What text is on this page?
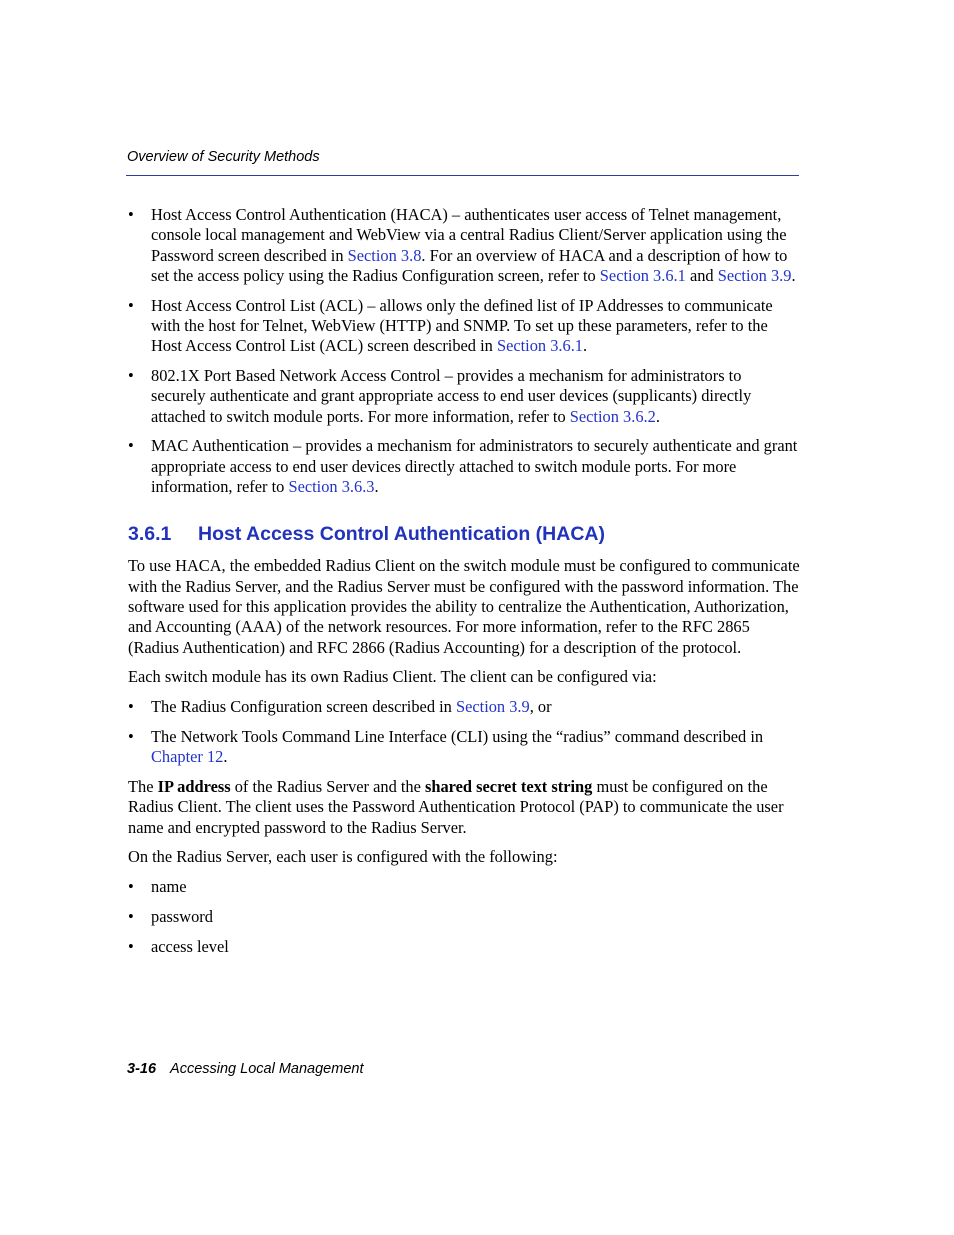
Overview of Security Methods
• Host Access Control Authentication (HACA) – authenticates user access of Telnet management, console local management and WebView via a central Radius Client/Server application using the Password screen described in Section 3.8. For an overview of HACA and a description of how to set the access policy using the Radius Configuration screen, refer to Section 3.6.1 and Section 3.9.
• Host Access Control List (ACL) – allows only the defined list of IP Addresses to communicate with the host for Telnet, WebView (HTTP) and SNMP. To set up these parameters, refer to the Host Access Control List (ACL) screen described in Section 3.6.1.
• 802.1X Port Based Network Access Control – provides a mechanism for administrators to securely authenticate and grant appropriate access to end user devices (supplicants) directly attached to switch module ports. For more information, refer to Section 3.6.2.
• MAC Authentication – provides a mechanism for administrators to securely authenticate and grant appropriate access to end user devices directly attached to switch module ports. For more information, refer to Section 3.6.3.
3.6.1 Host Access Control Authentication (HACA)

To use HACA, the embedded Radius Client on the switch module must be configured to communicate with the Radius Server, and the Radius Server must be configured with the password information. The software used for this application provides the ability to centralize the Authentication, Authorization, and Accounting (AAA) of the network resources. For more information, refer to the RFC 2865 (Radius Authentication) and RFC 2866 (Radius Accounting) for a description of the protocol.

Each switch module has its own Radius Client. The client can be configured via:

• The Radius Configuration screen described in Section 3.9, or
• The Network Tools Command Line Interface (CLI) using the “radius” command described in Chapter 12.

The IP address of the Radius Server and the shared secret text string must be configured on the Radius Client. The client uses the Password Authentication Protocol (PAP) to communicate the user name and encrypted password to the Radius Server.

On the Radius Server, each user is configured with the following:

• name
• password
• access level
3-16 Accessing Local Management
